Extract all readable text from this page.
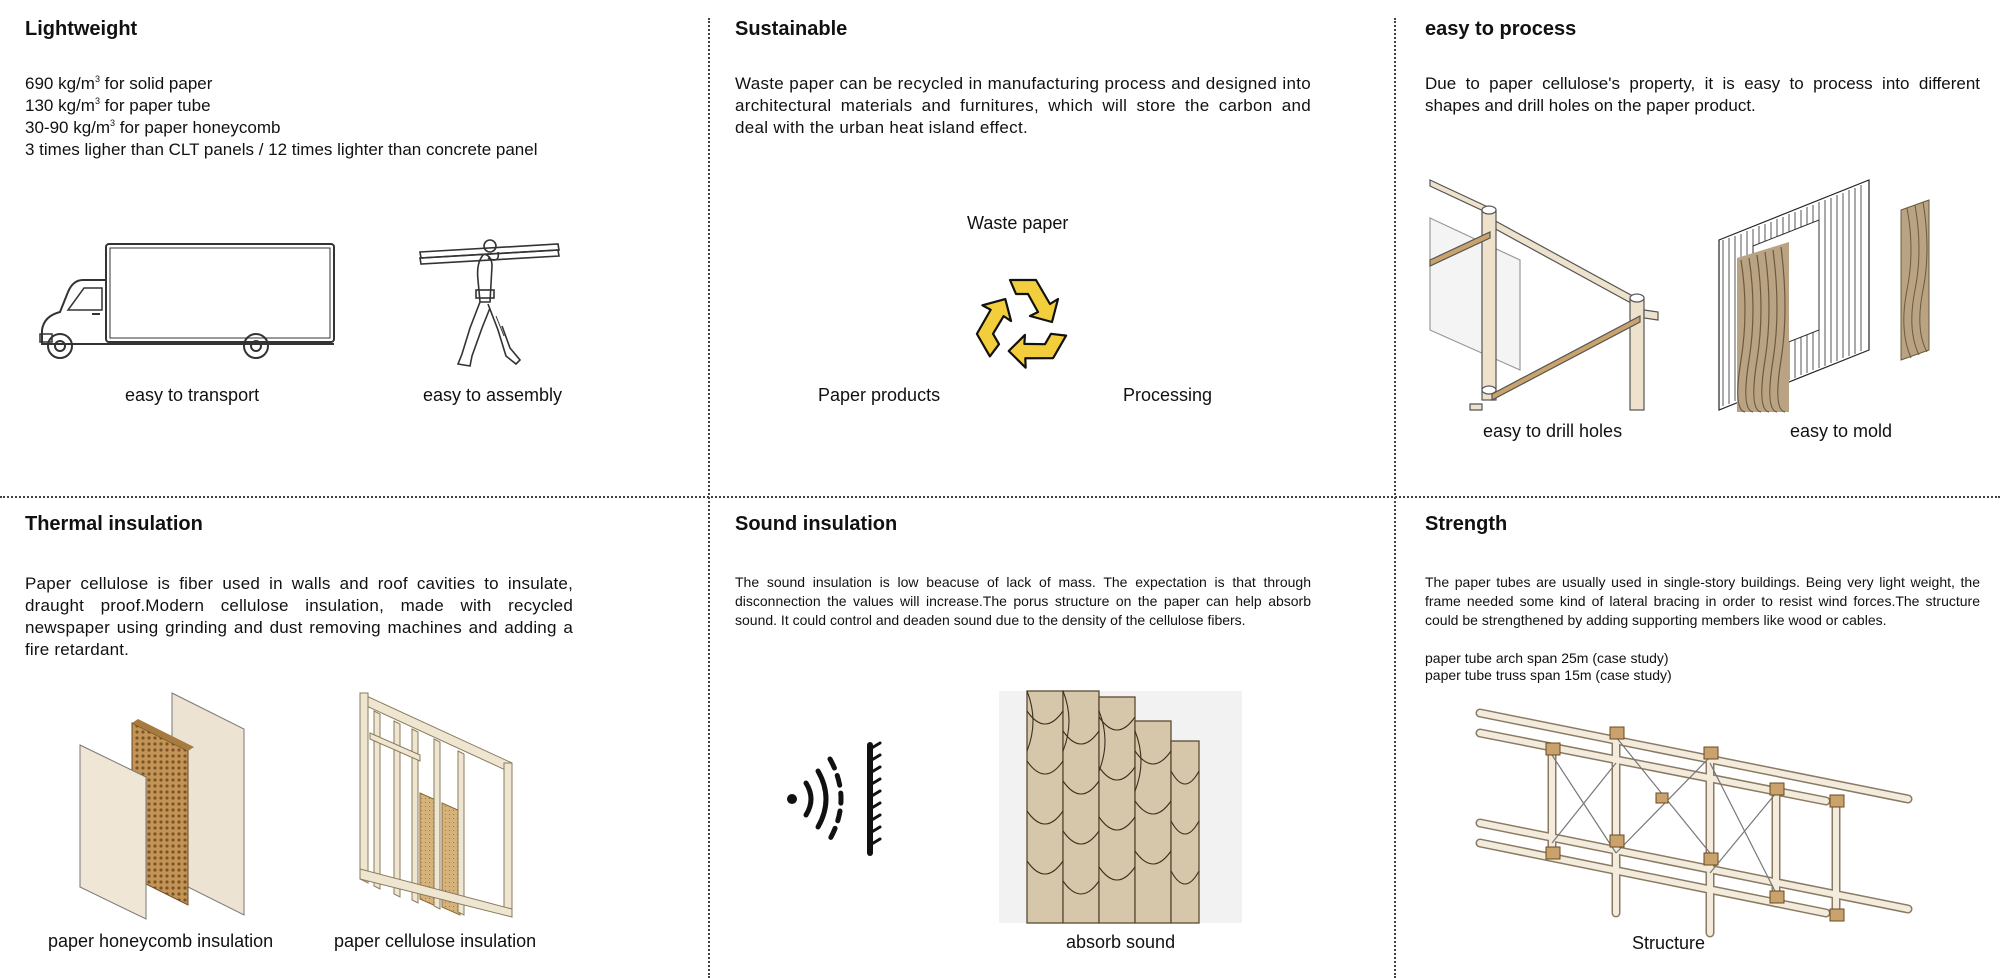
Lightweight
690 $kg/m^3$ for solid paper
130 $kg/m^3$ for paper tube
30-90 $kg/m^3$ for paper honeycomb
3 times ligher than CLT panels / 12 times lighter than concrete panel
easy to transport	easy to assembly
Sustainable

Waste paper can be recycled in manufacturing process and designed into architectural materials and furnitures, which will store the carbon and deal with the urban heat island effect.

Waste paper
Paper products	Processing
easy to process

Due to paper cellulose's property, it is easy to process into different shapes and drill holes on the paper product.

easy to drill holes	easy to mold
Thermal insulation

Paper cellulose is fiber used in walls and roof cavities to insulate, draught proof.Modern cellulose insulation, made with recycled newspaper using grinding and dust removing machines and adding a fire retardant.

paper honeycomb insulation	paper cellulose insulation
Sound insulation

The sound insulation is low beacuse of lack of mass. The expectation is that through disconnection the values will increase.The porus structure on the paper can help absorb sound. It could control and deaden sound due to the density of the cellulose fibers.

absorb sound
Strength

The paper tubes are usually used in single-story buildings. Being very light weight, the frame needed some kind of lateral bracing in order to resist wind forces.The structure could be strengthened by adding supporting members like wood or cables.

paper tube arch span 25m (case study)
paper tube truss span 15m (case study)
Structure
